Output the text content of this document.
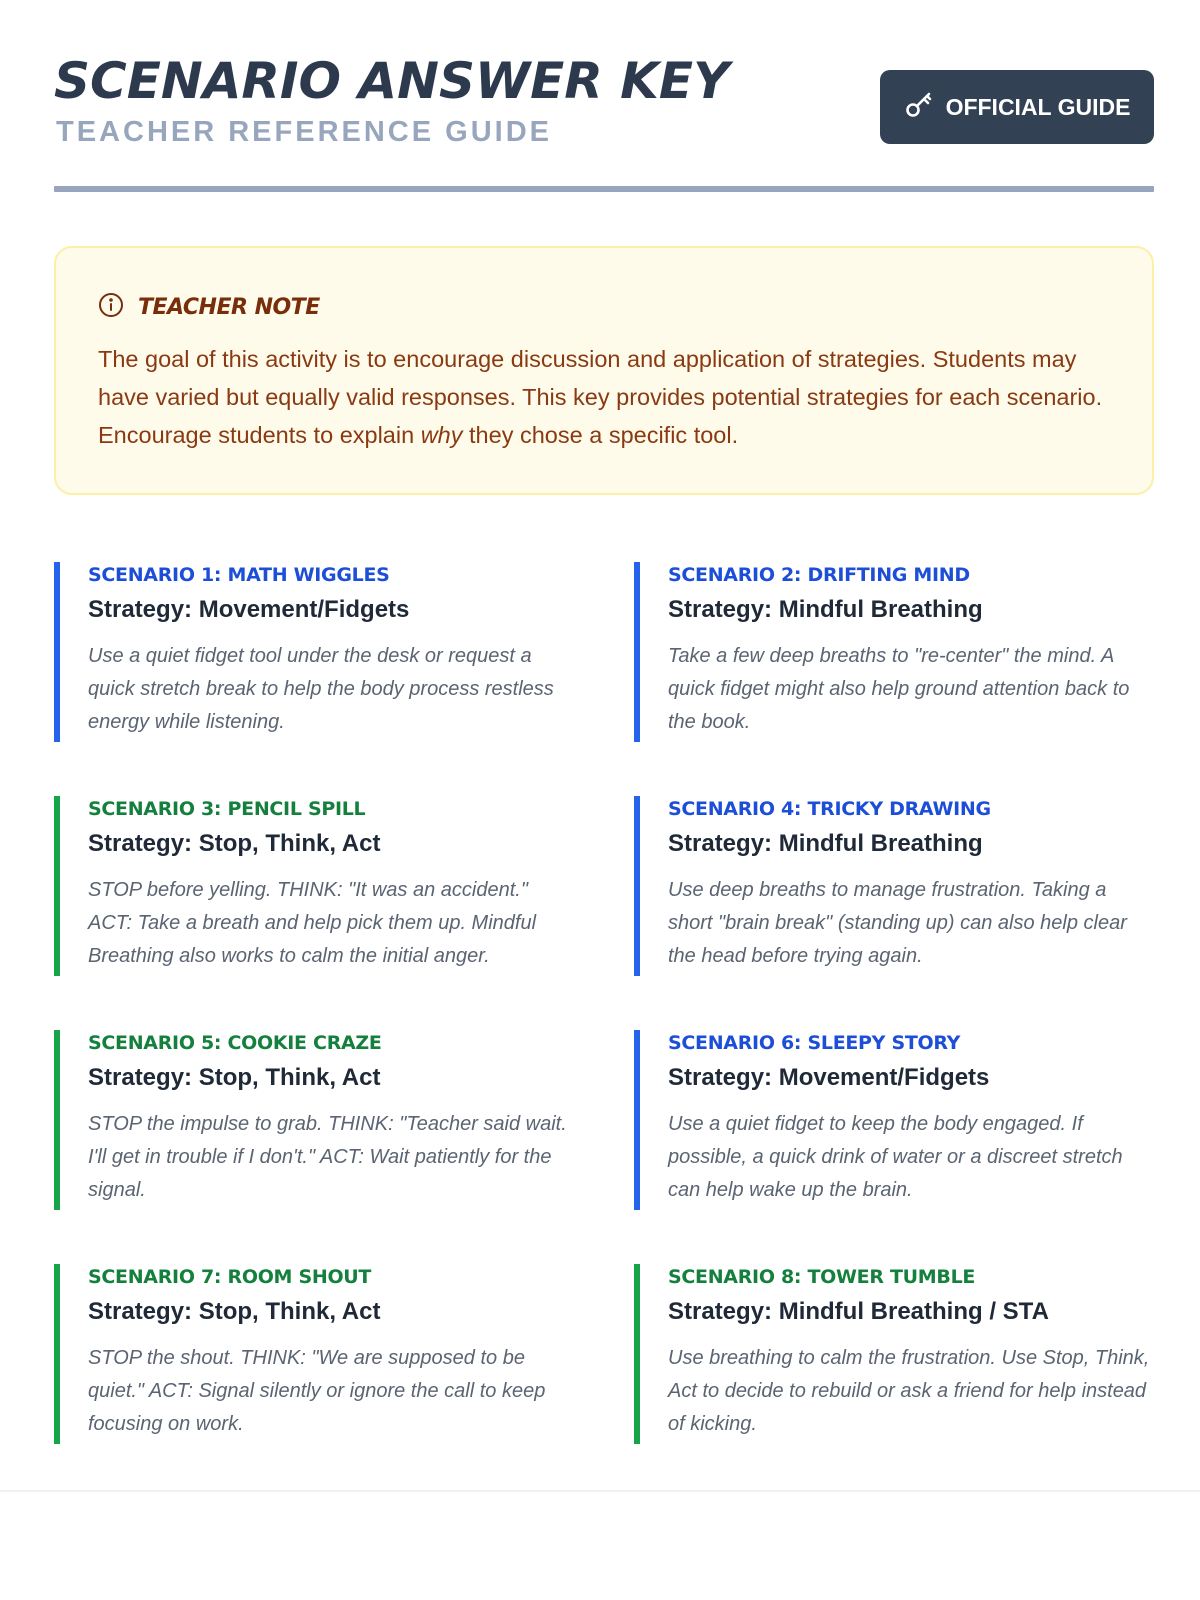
SCENARIO ANSWER KEY
TEACHER REFERENCE GUIDE
OFFICIAL GUIDE
TEACHER NOTE

The goal of this activity is to encourage discussion and application of strategies. Students may have varied but equally valid responses. This key provides potential strategies for each scenario. Encourage students to explain why they chose a specific tool.

SCENARIO 1: MATH WIGGLES
Strategy: Movement/Fidgets
Use a quiet fidget tool under the desk or request a quick stretch break to help the body process restless energy while listening.
SCENARIO 2: DRIFTING MIND
Strategy: Mindful Breathing
Take a few deep breaths to "re-center" the mind. A quick fidget might also help ground attention back to the book.
SCENARIO 3: PENCIL SPILL
Strategy: Stop, Think, Act
STOP before yelling. THINK: "It was an accident." ACT: Take a breath and help pick them up. Mindful Breathing also works to calm the initial anger.
SCENARIO 4: TRICKY DRAWING
Strategy: Mindful Breathing
Use deep breaths to manage frustration. Taking a short "brain break" (standing up) can also help clear the head before trying again.
SCENARIO 5: COOKIE CRAZE
Strategy: Stop, Think, Act
STOP the impulse to grab. THINK: "Teacher said wait. I'll get in trouble if I don't." ACT: Wait patiently for the signal.
SCENARIO 6: SLEEPY STORY
Strategy: Movement/Fidgets
Use a quiet fidget to keep the body engaged. If possible, a quick drink of water or a discreet stretch can help wake up the brain.
SCENARIO 7: ROOM SHOUT
Strategy: Stop, Think, Act
STOP the shout. THINK: "We are supposed to be quiet." ACT: Signal silently or ignore the call to keep focusing on work.
SCENARIO 8: TOWER TUMBLE
Strategy: Mindful Breathing / STA
Use breathing to calm the frustration. Use Stop, Think, Act to decide to rebuild or ask a friend for help instead of kicking.
